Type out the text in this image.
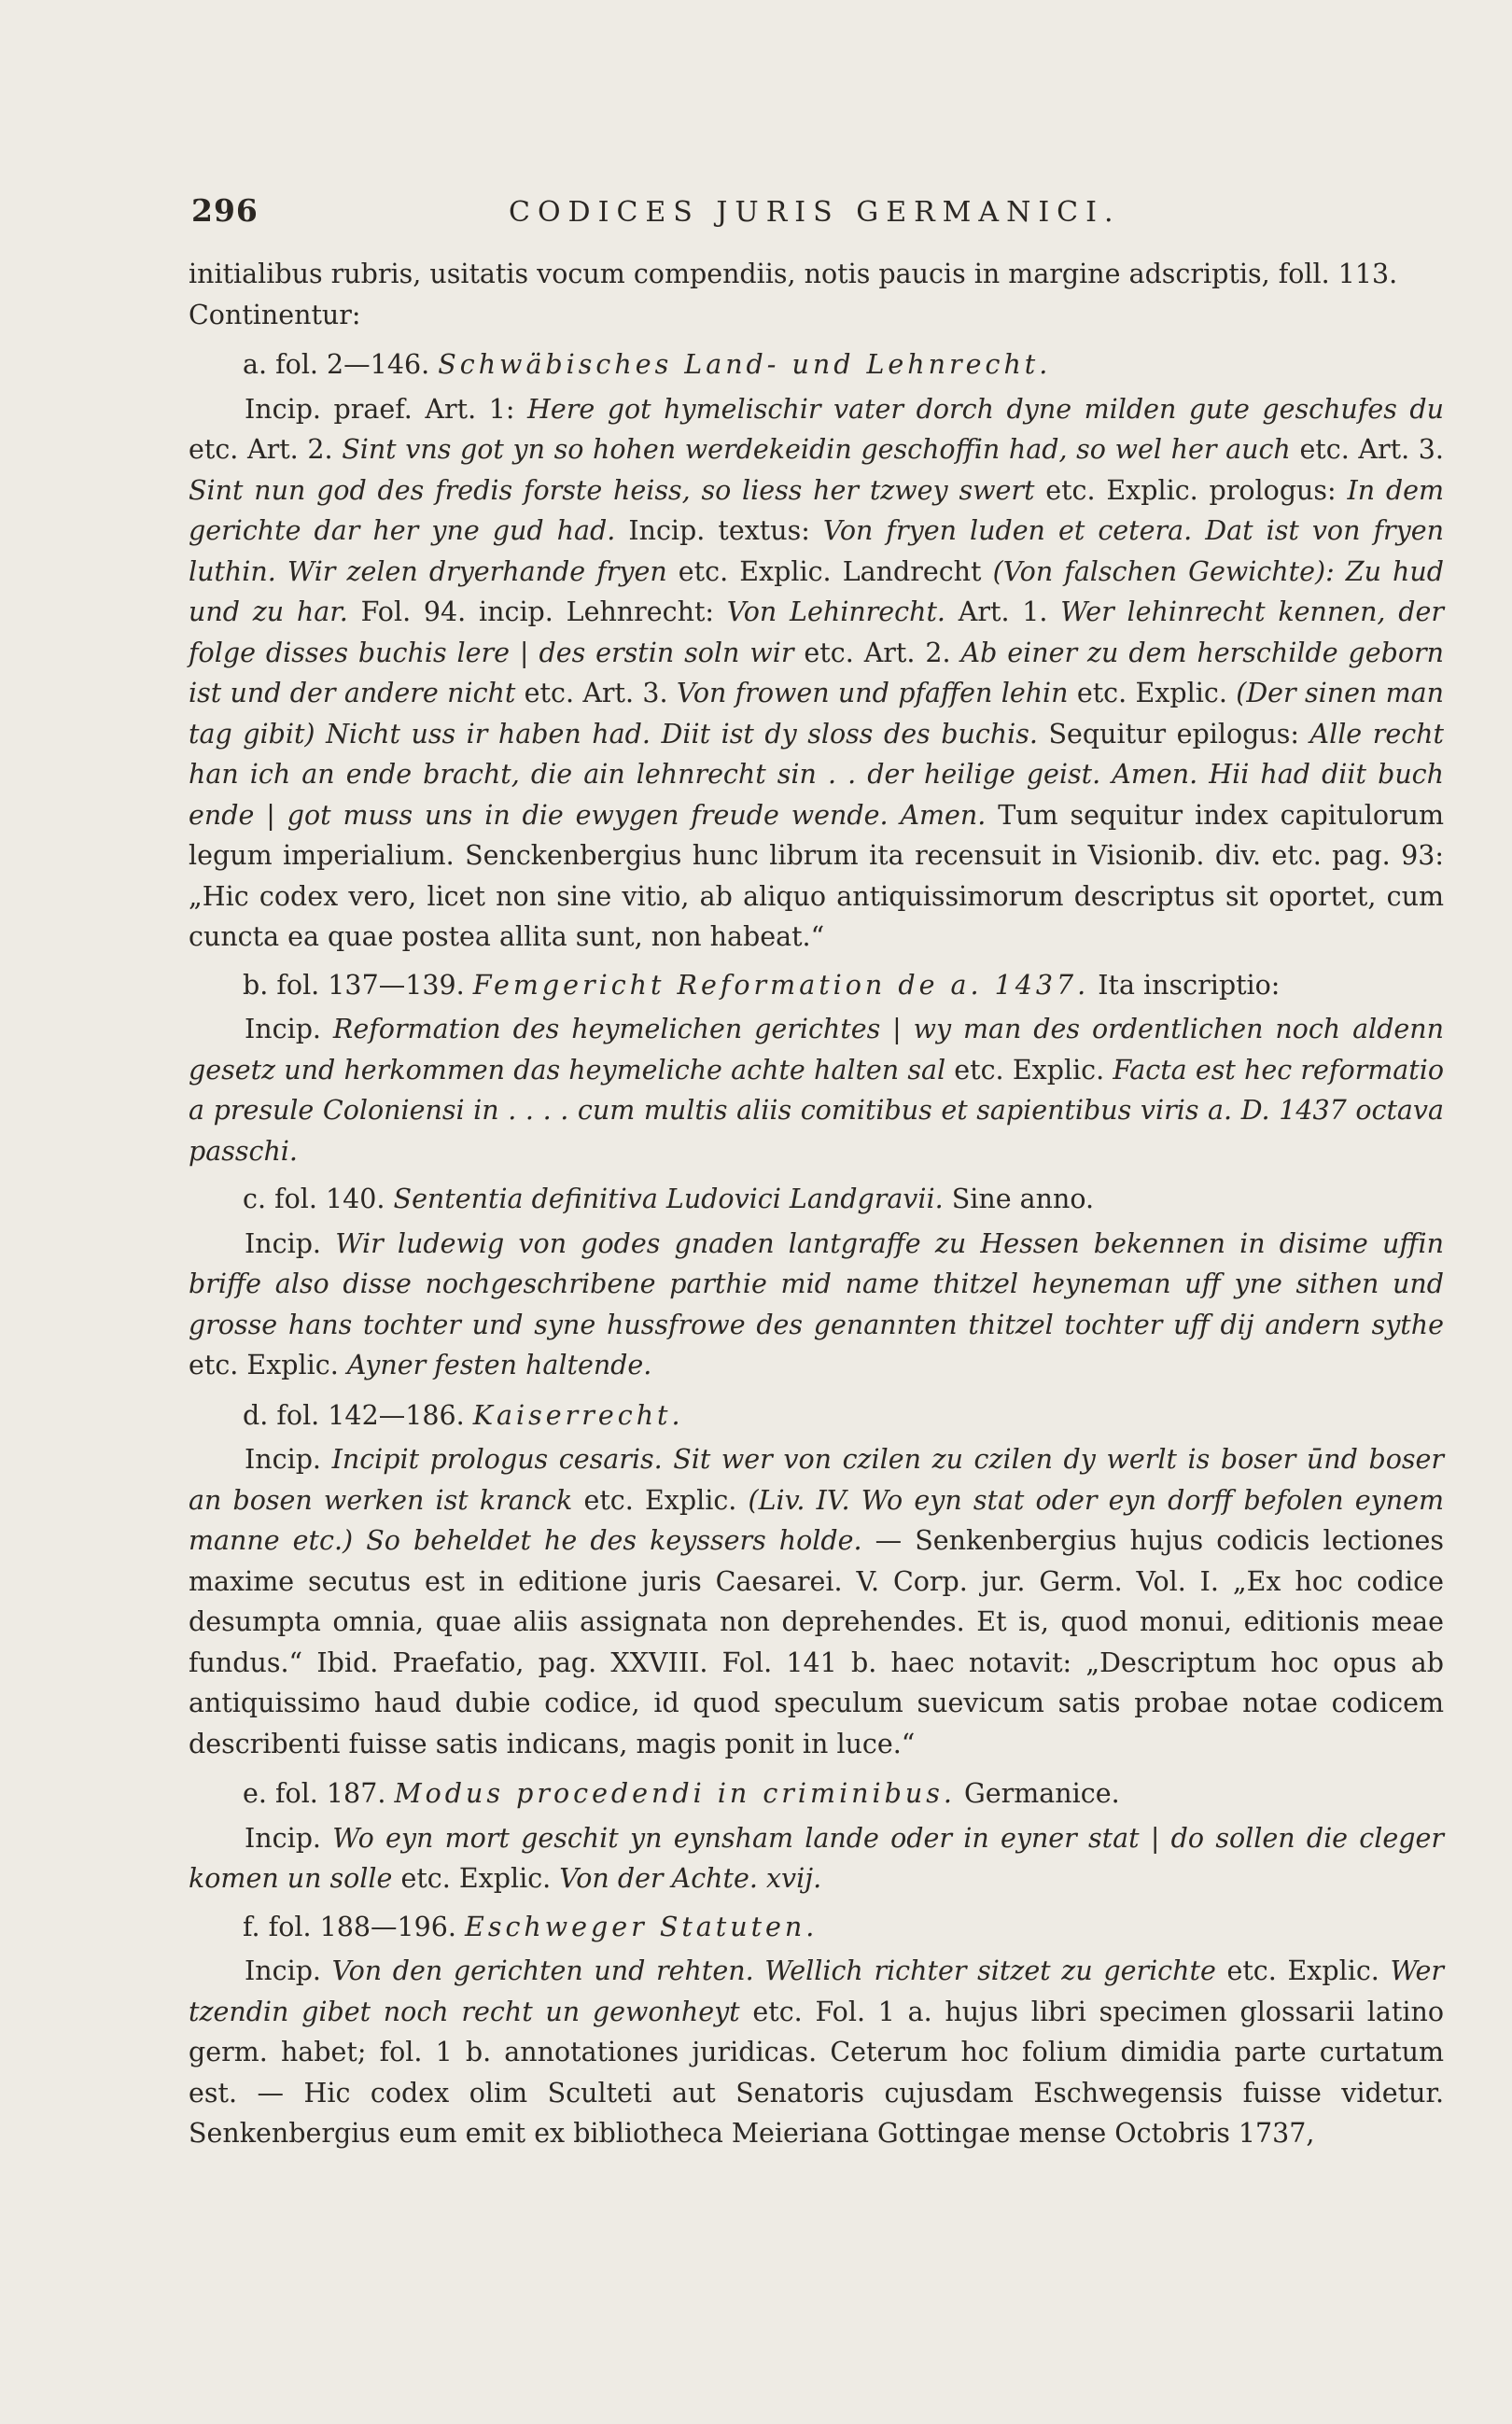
296	CODICES JURIS GERMANICI.

initialibus rubris, usitatis vocum compendiis, notis paucis in margine adscriptis, foll. 113.

Continentur:

a. fol. 2—146. Schwäbisches Land- und Lehnrecht.

Incip. praef. Art. 1: Here got hymelischir vater dorch dyne milden gute geschufes du etc. Art. 2. Sint vns got yn so hohen werdekeidin geschoffin had, so wel her auch etc. Art. 3. Sint nun god des fredis forste heiss, so liess her tzwey swert etc. Explic. prologus: In dem gerichte dar her yne gud had. Incip. textus: Von fryen luden et cetera. Dat ist von fryen luthin. Wir zelen dryerhande fryen etc. Explic. Landrecht (Von falschen Gewichte): Zu hud und zu har. Fol. 94. incip. Lehnrecht: Von Lehinrecht. Art. 1. Wer lehinrecht kennen, der folge disses buchis lere | des erstin soln wir etc. Art. 2. Ab einer zu dem herschilde geborn ist und der andere nicht etc. Art. 3. Von frowen und pfaffen lehin etc. Explic. (Der sinen man tag gibit) Nicht uss ir haben had. Diit ist dy sloss des buchis. Sequitur epilogus: Alle recht han ich an ende bracht, die ain lehnrecht sin . . der heilige geist. Amen. Hii had diit buch ende | got muss uns in die ewygen freude wende. Amen. Tum sequitur index capitulorum legum imperialium. Senckenbergius hunc librum ita recensuit in Visionib. div. etc. pag. 93: „Hic codex vero, licet non sine vitio, ab aliquo antiquissimorum descriptus sit oportet, cum cuncta ea quae postea allita sunt, non habeat.“

b. fol. 137—139. Femgericht Reformation de a. 1437. Ita inscriptio:

Incip. Reformation des heymelichen gerichtes | wy man des ordentlichen noch aldenn gesetz und herkommen das heymeliche achte halten sal etc. Explic. Facta est hec reformatio a presule Coloniensi in . . . . cum multis aliis comitibus et sapientibus viris a. D. 1437 octava passchi.

c. fol. 140. Sententia definitiva Ludovici Landgravii. Sine anno.

Incip. Wir ludewig von godes gnaden lantgraffe zu Hessen bekennen in disime uffin briffe also disse nochgeschribene parthie mid name thitzel heyneman uff yne sithen und grosse hans tochter und syne hussfrowe des genannten thitzel tochter uff dij andern sythe etc. Explic. Ayner festen haltende.

d. fol. 142—186. Kaiserrecht.

Incip. Incipit prologus cesaris. Sit wer von czilen zu czilen dy werlt is boser ūnd boser an bosen werken ist kranck etc. Explic. (Liv. IV. Wo eyn stat oder eyn dorff befolen eynem manne etc.) So beheldet he des keyssers holde. — Senkenbergius hujus codicis lectiones maxime secutus est in editione juris Caesarei. V. Corp. jur. Germ. Vol. I. „Ex hoc codice desumpta omnia, quae aliis assignata non deprehendes. Et is, quod monui, editionis meae fundus.“ Ibid. Praefatio, pag. XXVIII. Fol. 141 b. haec notavit: „Descriptum hoc opus ab antiquissimo haud dubie codice, id quod speculum suevicum satis probae notae codicem describenti fuisse satis indicans, magis ponit in luce.“

e. fol. 187. Modus procedendi in criminibus. Germanice.

Incip. Wo eyn mort geschit yn eynsham lande oder in eyner stat | do sollen die cleger komen un solle etc. Explic. Von der Achte. xvij.

f. fol. 188—196. Eschweger Statuten.

Incip. Von den gerichten und rehten. Wellich richter sitzet zu gerichte etc. Explic. Wer tzendin gibet noch recht un gewonheyt etc. Fol. 1 a. hujus libri specimen glossarii latino germ. habet; fol. 1 b. annotationes juridicas. Ceterum hoc folium dimidia parte curtatum est. — Hic codex olim Sculteti aut Senatoris cujusdam Eschwegensis fuisse videtur. Senkenbergius eum emit ex bibliotheca Meieriana Gottingae mense Octobris 1737,
